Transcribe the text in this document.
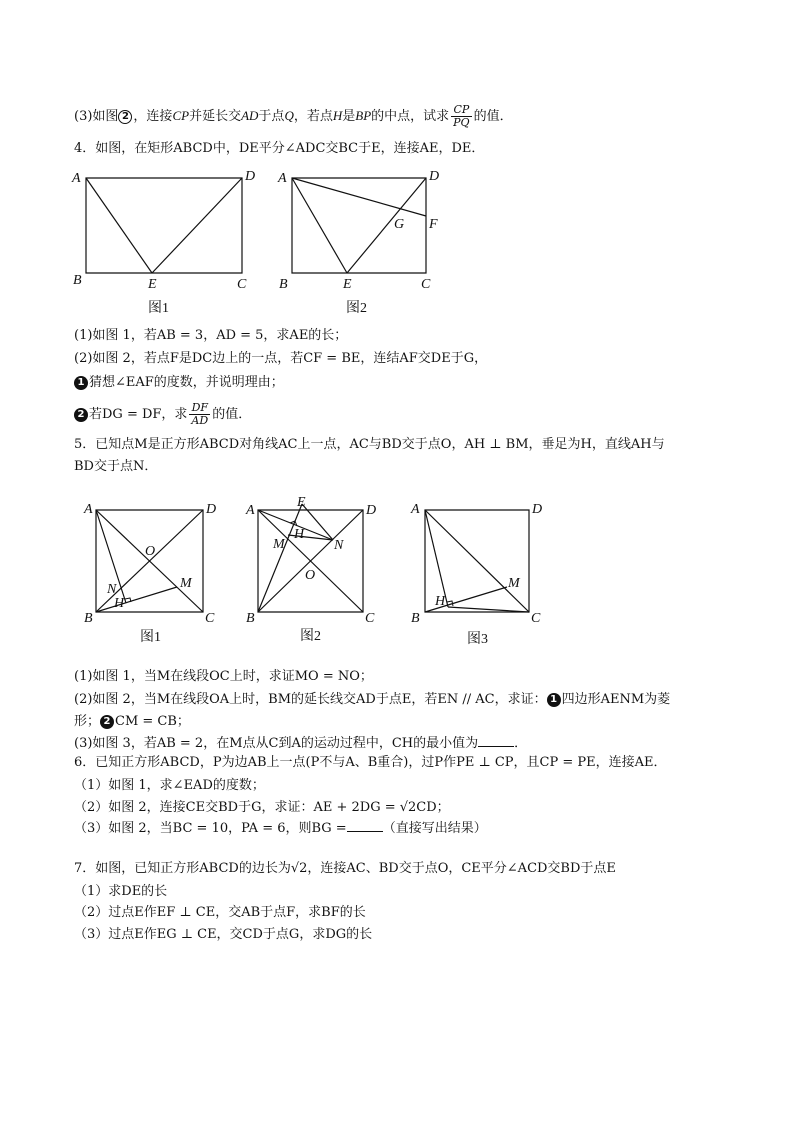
(3)如图 2 ，连接CP并延长交AD于点Q，若点H是BP的中点，试求 $\frac{CP}{PQ}$ 的值．
4．如图，在矩形ABCD中，DE平分∠ADC交BC于E，连接AE，DE．
A	D
B	E	C
图1
A	D
F
G
B	E	C
图2
(1)如图 1，若AB = 3，AD = 5，求AE的长；
(2)如图 2，若点F是DC边上的一点，若CF = BE，连结AF交DE于G，
1 猜想∠EAF的度数，并说明理由；
2 若DG = DF，求 $\frac{DF}{AD}$ 的值．
5．已知点M是正方形ABCD对角线AC上一点，AC与BD交于点O，AH ⊥ BM，垂足为H，直线AH与
BD交于点N．
A	D
B	C
O
M
N
H
图1
A	D
E
H
M	N
O
B	C
图2
A	D
B	C
H
M
图3
(1)如图 1，当M在线段OC上时，求证MO = NO；
(2)如图 2，当M在线段OA上时，BM的延长线交AD于点E，若EN // AC，求证： 1 四边形AENM为菱
形； 2 CM = CB；
(3)如图 3，若AB = 2，在M点从C到A的运动过程中，CH的最小值为	．
6．已知正方形ABCD，P为边AB上一点(P不与A、B重合)，过P作PE ⊥ CP，且CP = PE，连接AE．
（1）如图 1，求∠EAD的度数；
（2）如图 2，连接CE交BD于G，求证：AE + 2DG = √2CD；
（3）如图 2，当BC = 10，PA = 6，则BG =	（直接写出结果）
7．如图，已知正方形ABCD的边长为√2，连接AC、BD交于点O，CE平分∠ACD交BD于点E
（1）求DE的长
（2）过点E作EF ⊥ CE，交AB于点F，求BF的长
（3）过点E作EG ⊥ CE，交CD于点G，求DG的长
